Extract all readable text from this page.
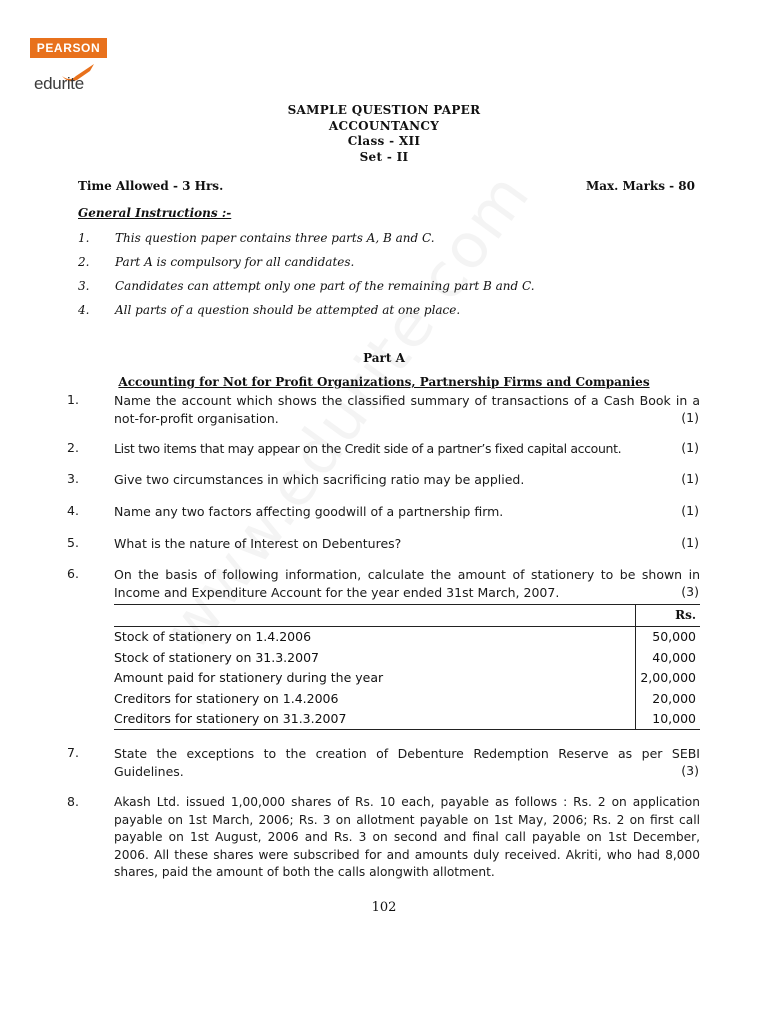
PEARSON
edurite
SAMPLE QUESTION PAPER
ACCOUNTANCY
Class - XII
Set - II
Time Allowed - 3 Hrs.	Max. Marks - 80
General Instructions :-
1. This question paper contains three parts A, B and C.
2. Part A is compulsory for all candidates.
3. Candidates can attempt only one part of the remaining part B and C.
4. All parts of a question should be attempted at one place.
Part A
Accounting for Not for Profit Organizations, Partnership Firms and Companies
1.	Name the account which shows the classified summary of transactions of a Cash Book in a not-for-profit organisation.	(1)
2.	List two items that may appear on the Credit side of a partner’s fixed capital account.	(1)
3.	Give two circumstances in which sacrificing ratio may be applied.	(1)
4.	Name any two factors affecting goodwill of a partnership firm.	(1)
5.	What is the nature of Interest on Debentures?	(1)
6.	On the basis of following information, calculate the amount of stationery to be shown in Income and Expenditure Account for the year ended 31st March, 2007.	(3)
	Rs.
Stock of stationery on 1.4.2006	50,000
Stock of stationery on 31.3.2007	40,000
Amount paid for stationery during the year	2,00,000
Creditors for stationery on 1.4.2006	20,000
Creditors for stationery on 31.3.2007	10,000
7.	State the exceptions to the creation of Debenture Redemption Reserve as per SEBI Guidelines.	(3)
8.	Akash Ltd. issued 1,00,000 shares of Rs. 10 each, payable as follows : Rs. 2 on application payable on 1st March, 2006; Rs. 3 on allotment payable on 1st May, 2006; Rs. 2 on first call payable on 1st August, 2006 and Rs. 3 on second and final call payable on 1st December, 2006. All these shares were subscribed for and amounts duly received. Akriti, who had 8,000 shares, paid the amount of both the calls alongwith allotment.
102
